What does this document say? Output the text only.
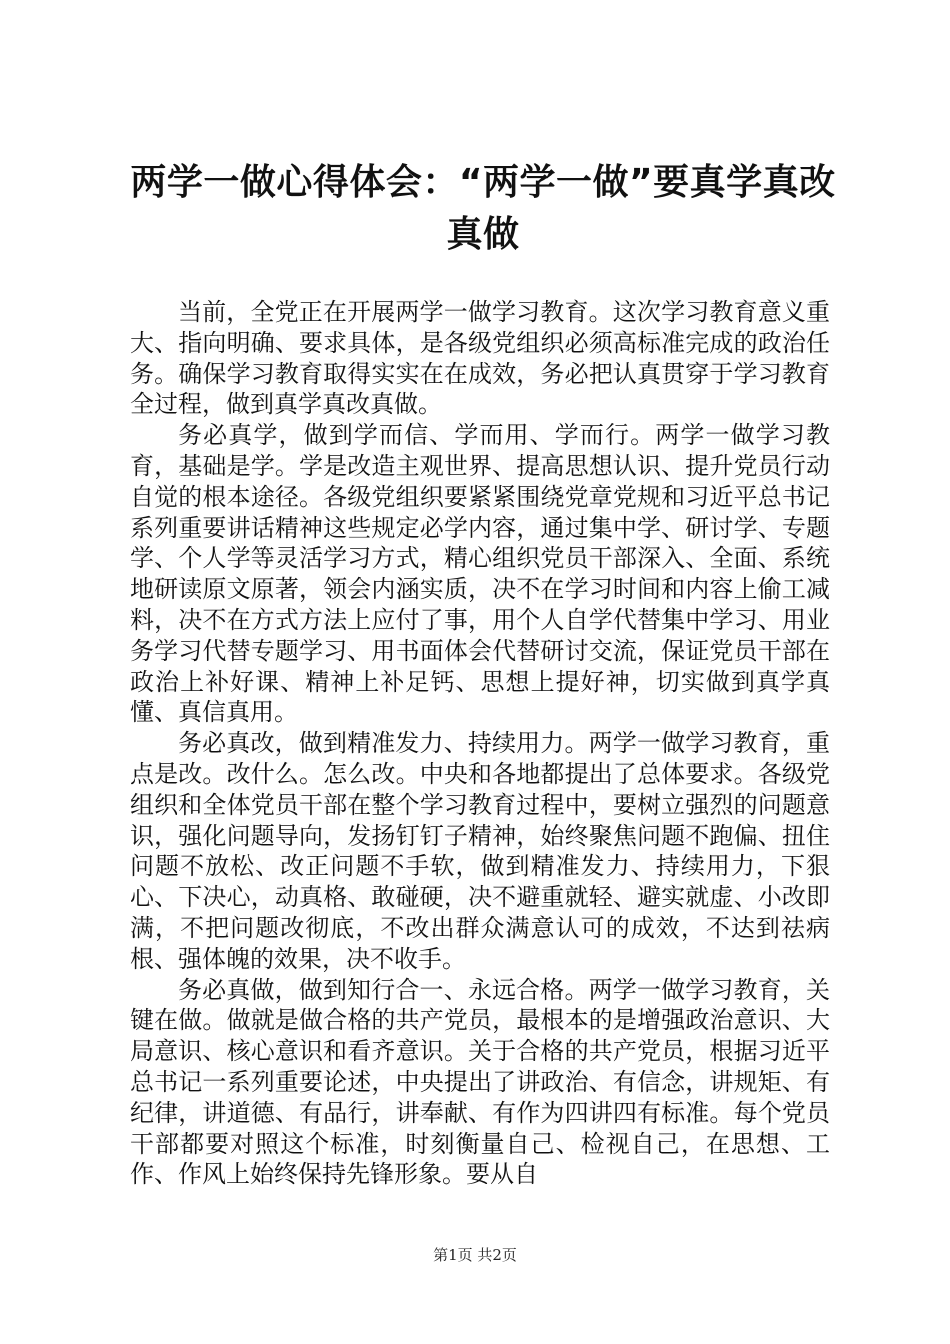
两学一做心得体会：“两学一做”要真学真改真做

当前，全党正在开展两学一做学习教育。这次学习教育意义重大、指向明确、要求具体，是各级党组织必须高标准完成的政治任务。确保学习教育取得实实在在成效，务必把认真贯穿于学习教育全过程，做到真学真改真做。

务必真学，做到学而信、学而用、学而行。两学一做学习教育，基础是学。学是改造主观世界、提高思想认识、提升党员行动自觉的根本途径。各级党组织要紧紧围绕党章党规和习近平总书记系列重要讲话精神这些规定必学内容，通过集中学、研讨学、专题学、个人学等灵活学习方式，精心组织党员干部深入、全面、系统地研读原文原著，领会内涵实质，决不在学习时间和内容上偷工减料，决不在方式方法上应付了事，用个人自学代替集中学习、用业务学习代替专题学习、用书面体会代替研讨交流，保证党员干部在政治上补好课、精神上补足钙、思想上提好神，切实做到真学真懂、真信真用。

务必真改，做到精准发力、持续用力。两学一做学习教育，重点是改。改什么。怎么改。中央和各地都提出了总体要求。各级党组织和全体党员干部在整个学习教育过程中，要树立强烈的问题意识，强化问题导向，发扬钉钉子精神，始终聚焦问题不跑偏、扭住问题不放松、改正问题不手软，做到精准发力、持续用力，下狠心、下决心，动真格、敢碰硬，决不避重就轻、避实就虚、小改即满，不把问题改彻底，不改出群众满意认可的成效，不达到祛病根、强体魄的效果，决不收手。

务必真做，做到知行合一、永远合格。两学一做学习教育，关键在做。做就是做合格的共产党员，最根本的是增强政治意识、大局意识、核心意识和看齐意识。关于合格的共产党员，根据习近平总书记一系列重要论述，中央提出了讲政治、有信念，讲规矩、有纪律，讲道德、有品行，讲奉献、有作为四讲四有标准。每个党员干部都要对照这个标准，时刻衡量自己、检视自己，在思想、工作、作风上始终保持先锋形象。要从自

第1页 共2页
